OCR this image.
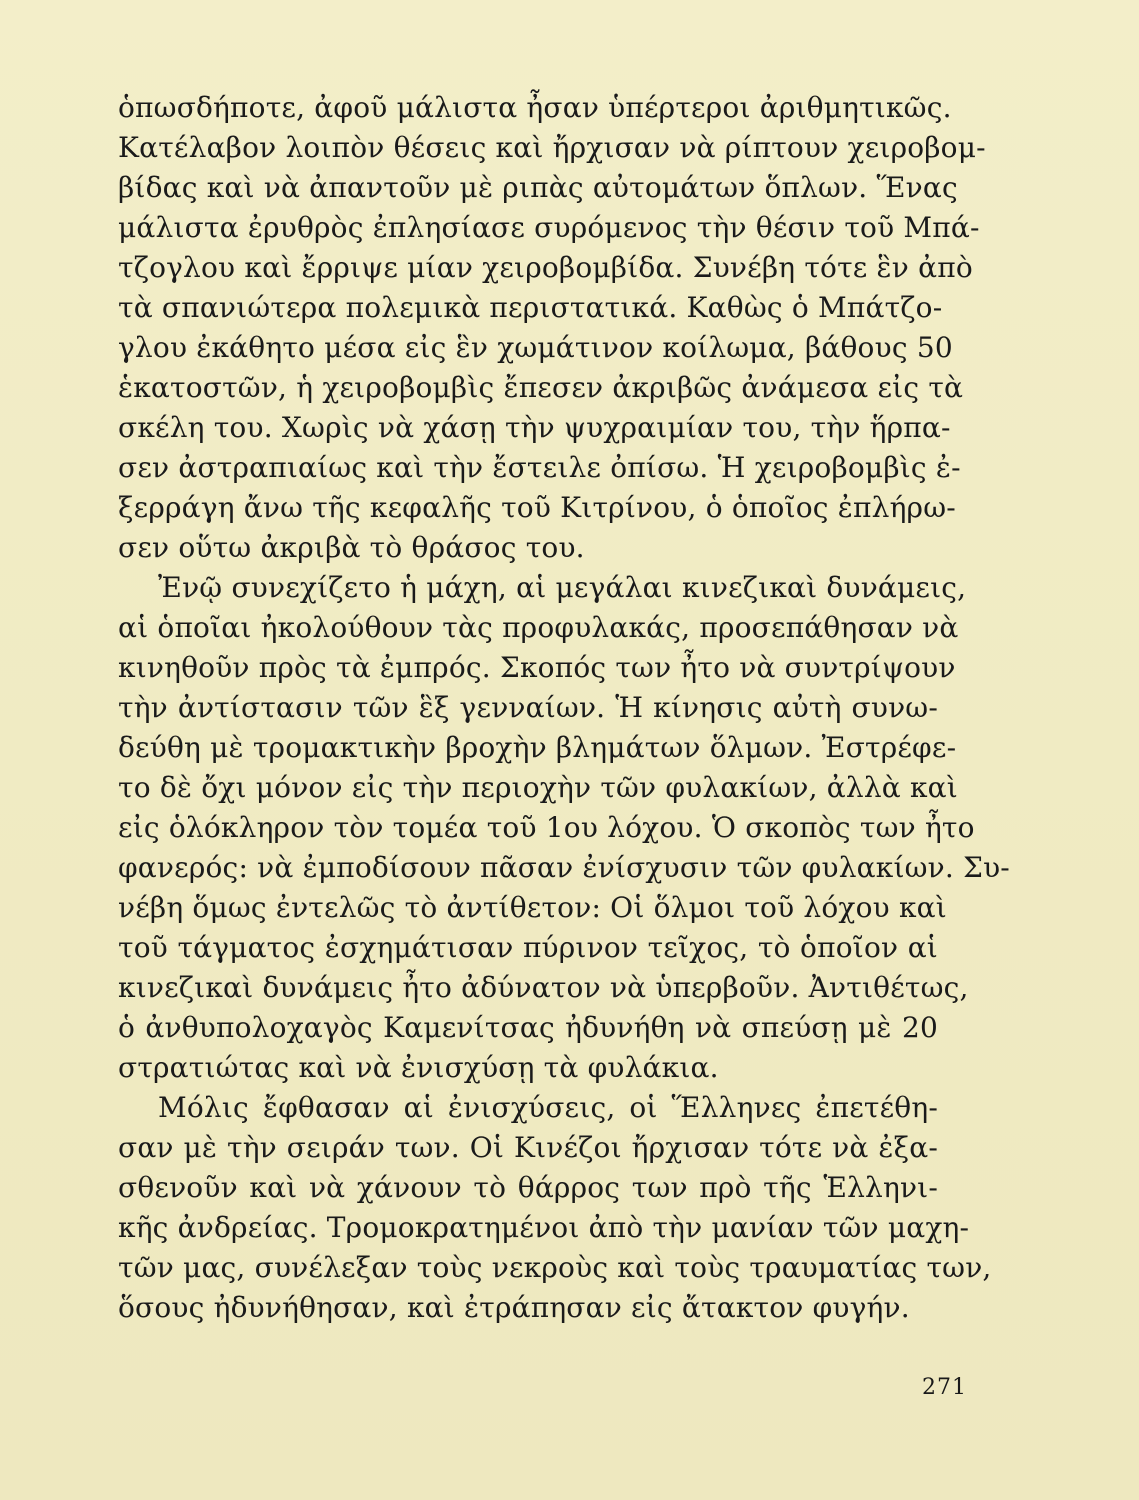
ὁπωσδήποτε, ἀφοῦ μάλιστα ἦσαν ὑπέρτεροι ἀριθμητικῶς.
Κατέλαβον λοιπὸν θέσεις καὶ ἤρχισαν νὰ ρίπτουν χειροβομ-
βίδας καὶ νὰ ἀπαντοῦν μὲ ριπὰς αὐτομάτων ὅπλων. Ἕνας
μάλιστα ἐρυθρὸς ἐπλησίασε συρόμενος τὴν θέσιν τοῦ Μπά-
τζογλου καὶ ἔρριψε μίαν χειροβομβίδα. Συνέβη τότε ἓν ἀπὸ
τὰ σπανιώτερα πολεμικὰ περιστατικά. Καθὼς ὁ Μπάτζο-
γλου ἐκάθητο μέσα εἰς ἓν χωμάτινον κοίλωμα, βάθους 50
ἑκατοστῶν, ἡ χειροβομβὶς ἔπεσεν ἀκριβῶς ἀνάμεσα εἰς τὰ
σκέλη του. Χωρὶς νὰ χάσῃ τὴν ψυχραιμίαν του, τὴν ἥρπα-
σεν ἀστραπιαίως καὶ τὴν ἔστειλε ὀπίσω. Ἡ χειροβομβὶς ἐ-
ξερράγη ἄνω τῆς κεφαλῆς τοῦ Κιτρίνου, ὁ ὁποῖος ἐπλήρω-
σεν οὕτω ἀκριβὰ τὸ θράσος του.
Ἐνῷ συνεχίζετο ἡ μάχη, αἱ μεγάλαι κινεζικαὶ δυνάμεις,
αἱ ὁποῖαι ἠκολούθουν τὰς προφυλακάς, προσεπάθησαν νὰ
κινηθοῦν πρὸς τὰ ἐμπρός. Σκοπός των ἦτο νὰ συντρίψουν
τὴν ἀντίστασιν τῶν ἓξ γενναίων. Ἡ κίνησις αὐτὴ συνω-
δεύθη μὲ τρομακτικὴν βροχὴν βλημάτων ὅλμων. Ἐστρέφε-
το δὲ ὄχι μόνον εἰς τὴν περιοχὴν τῶν φυλακίων, ἀλλὰ καὶ
εἰς ὁλόκληρον τὸν τομέα τοῦ 1ου λόχου. Ὁ σκοπὸς των ἦτο
φανερός: νὰ ἐμποδίσουν πᾶσαν ἐνίσχυσιν τῶν φυλακίων. Συ-
νέβη ὅμως ἐντελῶς τὸ ἀντίθετον: Οἱ ὅλμοι τοῦ λόχου καὶ
τοῦ τάγματος ἐσχημάτισαν πύρινον τεῖχος, τὸ ὁποῖον αἱ
κινεζικαὶ δυνάμεις ἦτο ἀδύνατον νὰ ὑπερβοῦν. Ἀντιθέτως,
ὁ ἀνθυπολοχαγὸς Καμενίτσας ἠδυνήθη νὰ σπεύσῃ μὲ 20
στρατιώτας καὶ νὰ ἐνισχύσῃ τὰ φυλάκια.
Μόλις ἔφθασαν αἱ ἐνισχύσεις, οἱ Ἕλληνες ἐπετέθη-
σαν μὲ τὴν σειράν των. Οἱ Κινέζοι ἤρχισαν τότε νὰ ἐξα-
σθενοῦν καὶ νὰ χάνουν τὸ θάρρος των πρὸ τῆς Ἑλληνι-
κῆς ἀνδρείας. Τρομοκρατημένοι ἀπὸ τὴν μανίαν τῶν μαχη-
τῶν μας, συνέλεξαν τοὺς νεκροὺς καὶ τοὺς τραυματίας των,
ὅσους ἠδυνήθησαν, καὶ ἐτράπησαν εἰς ἄτακτον φυγήν.
271
